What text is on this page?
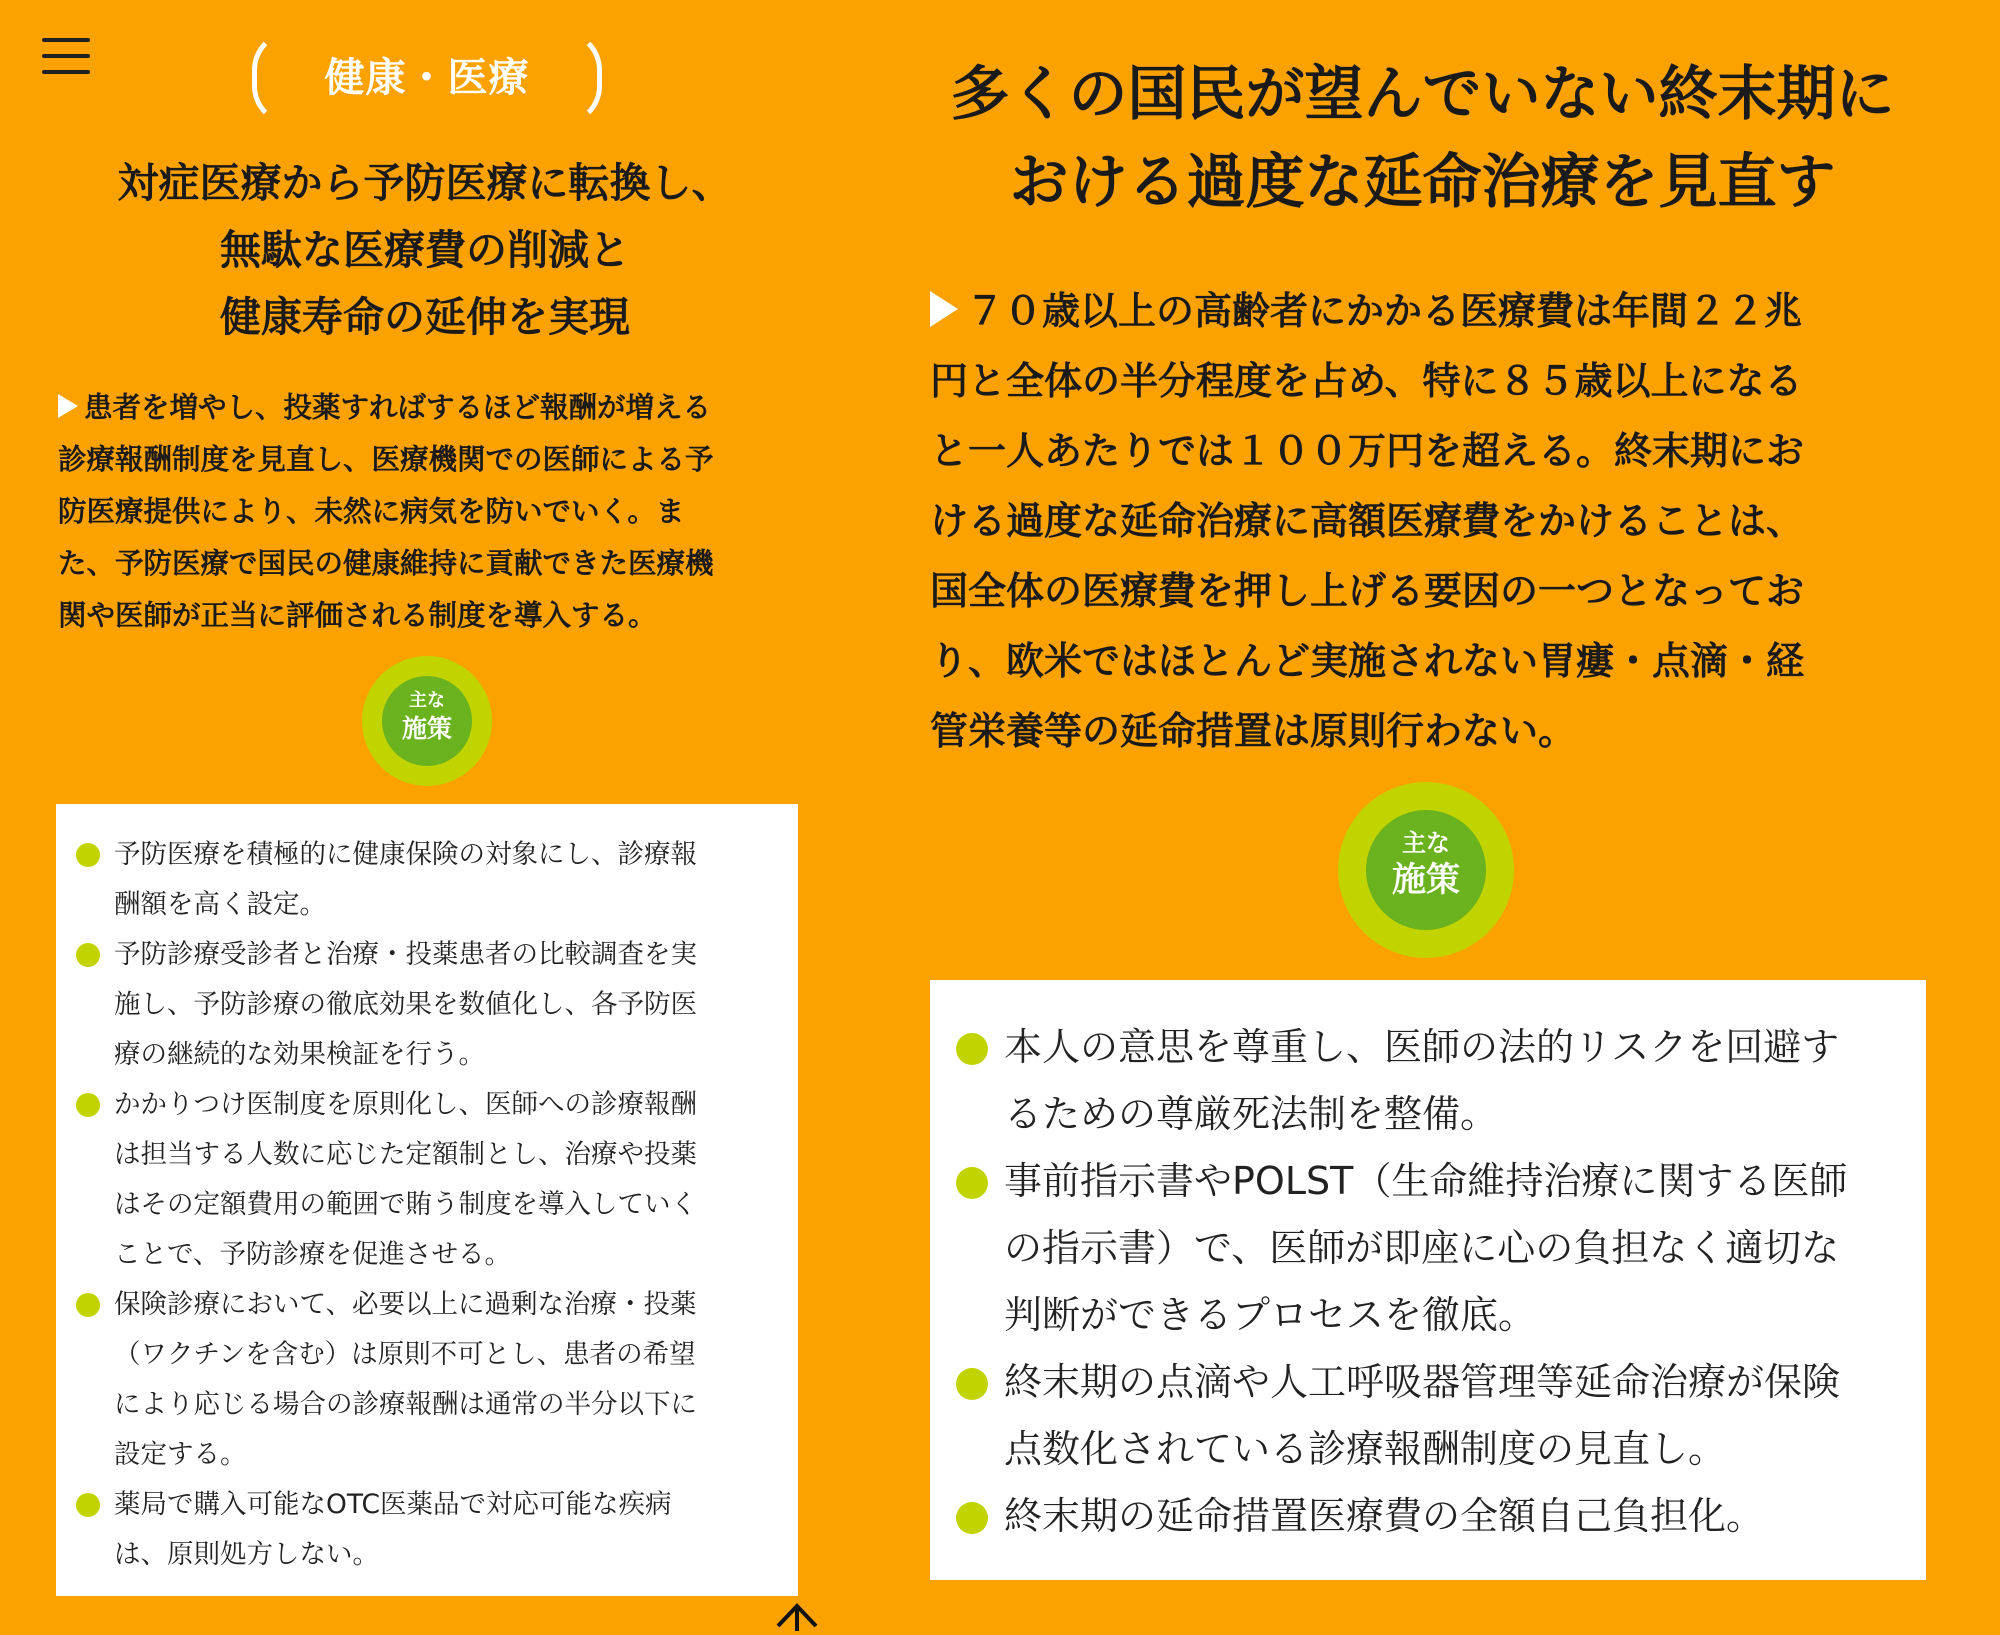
健康・医療
対症医療から予防医療に転換し、
無駄な医療費の削減と
健康寿命の延伸を実現
患者を増やし、投薬すればするほど報酬が増える
診療報酬制度を見直し、医療機関での医師による予
防医療提供により、未然に病気を防いでいく。ま
た、予防医療で国民の健康維持に貢献できた医療機
関や医師が正当に評価される制度を導入する。
主な
施策
予防医療を積極的に健康保険の対象にし、診療報
酬額を高く設定。
予防診療受診者と治療・投薬患者の比較調査を実
施し、予防診療の徹底効果を数値化し、各予防医
療の継続的な効果検証を行う。
かかりつけ医制度を原則化し、医師への診療報酬
は担当する人数に応じた定額制とし、治療や投薬
はその定額費用の範囲で賄う制度を導入していく
ことで、予防診療を促進させる。
保険診療において、必要以上に過剰な治療・投薬
（ワクチンを含む）は原則不可とし、患者の希望
により応じる場合の診療報酬は通常の半分以下に
設定する。
薬局で購入可能なOTC医薬品で対応可能な疾病
は、原則処方しない。
多くの国民が望んでいない終末期に
おける過度な延命治療を見直す
７０歳以上の高齢者にかかる医療費は年間２２兆
円と全体の半分程度を占め、特に８５歳以上になる
と一人あたりでは１００万円を超える。終末期にお
ける過度な延命治療に高額医療費をかけることは、
国全体の医療費を押し上げる要因の一つとなってお
り、欧米ではほとんど実施されない胃瘻・点滴・経
管栄養等の延命措置は原則行わない。
主な
施策
本人の意思を尊重し、医師の法的リスクを回避す
るための尊厳死法制を整備。
事前指示書やPOLST（生命維持治療に関する医師
の指示書）で、医師が即座に心の負担なく適切な
判断ができるプロセスを徹底。
終末期の点滴や人工呼吸器管理等延命治療が保険
点数化されている診療報酬制度の見直し。
終末期の延命措置医療費の全額自己負担化。
